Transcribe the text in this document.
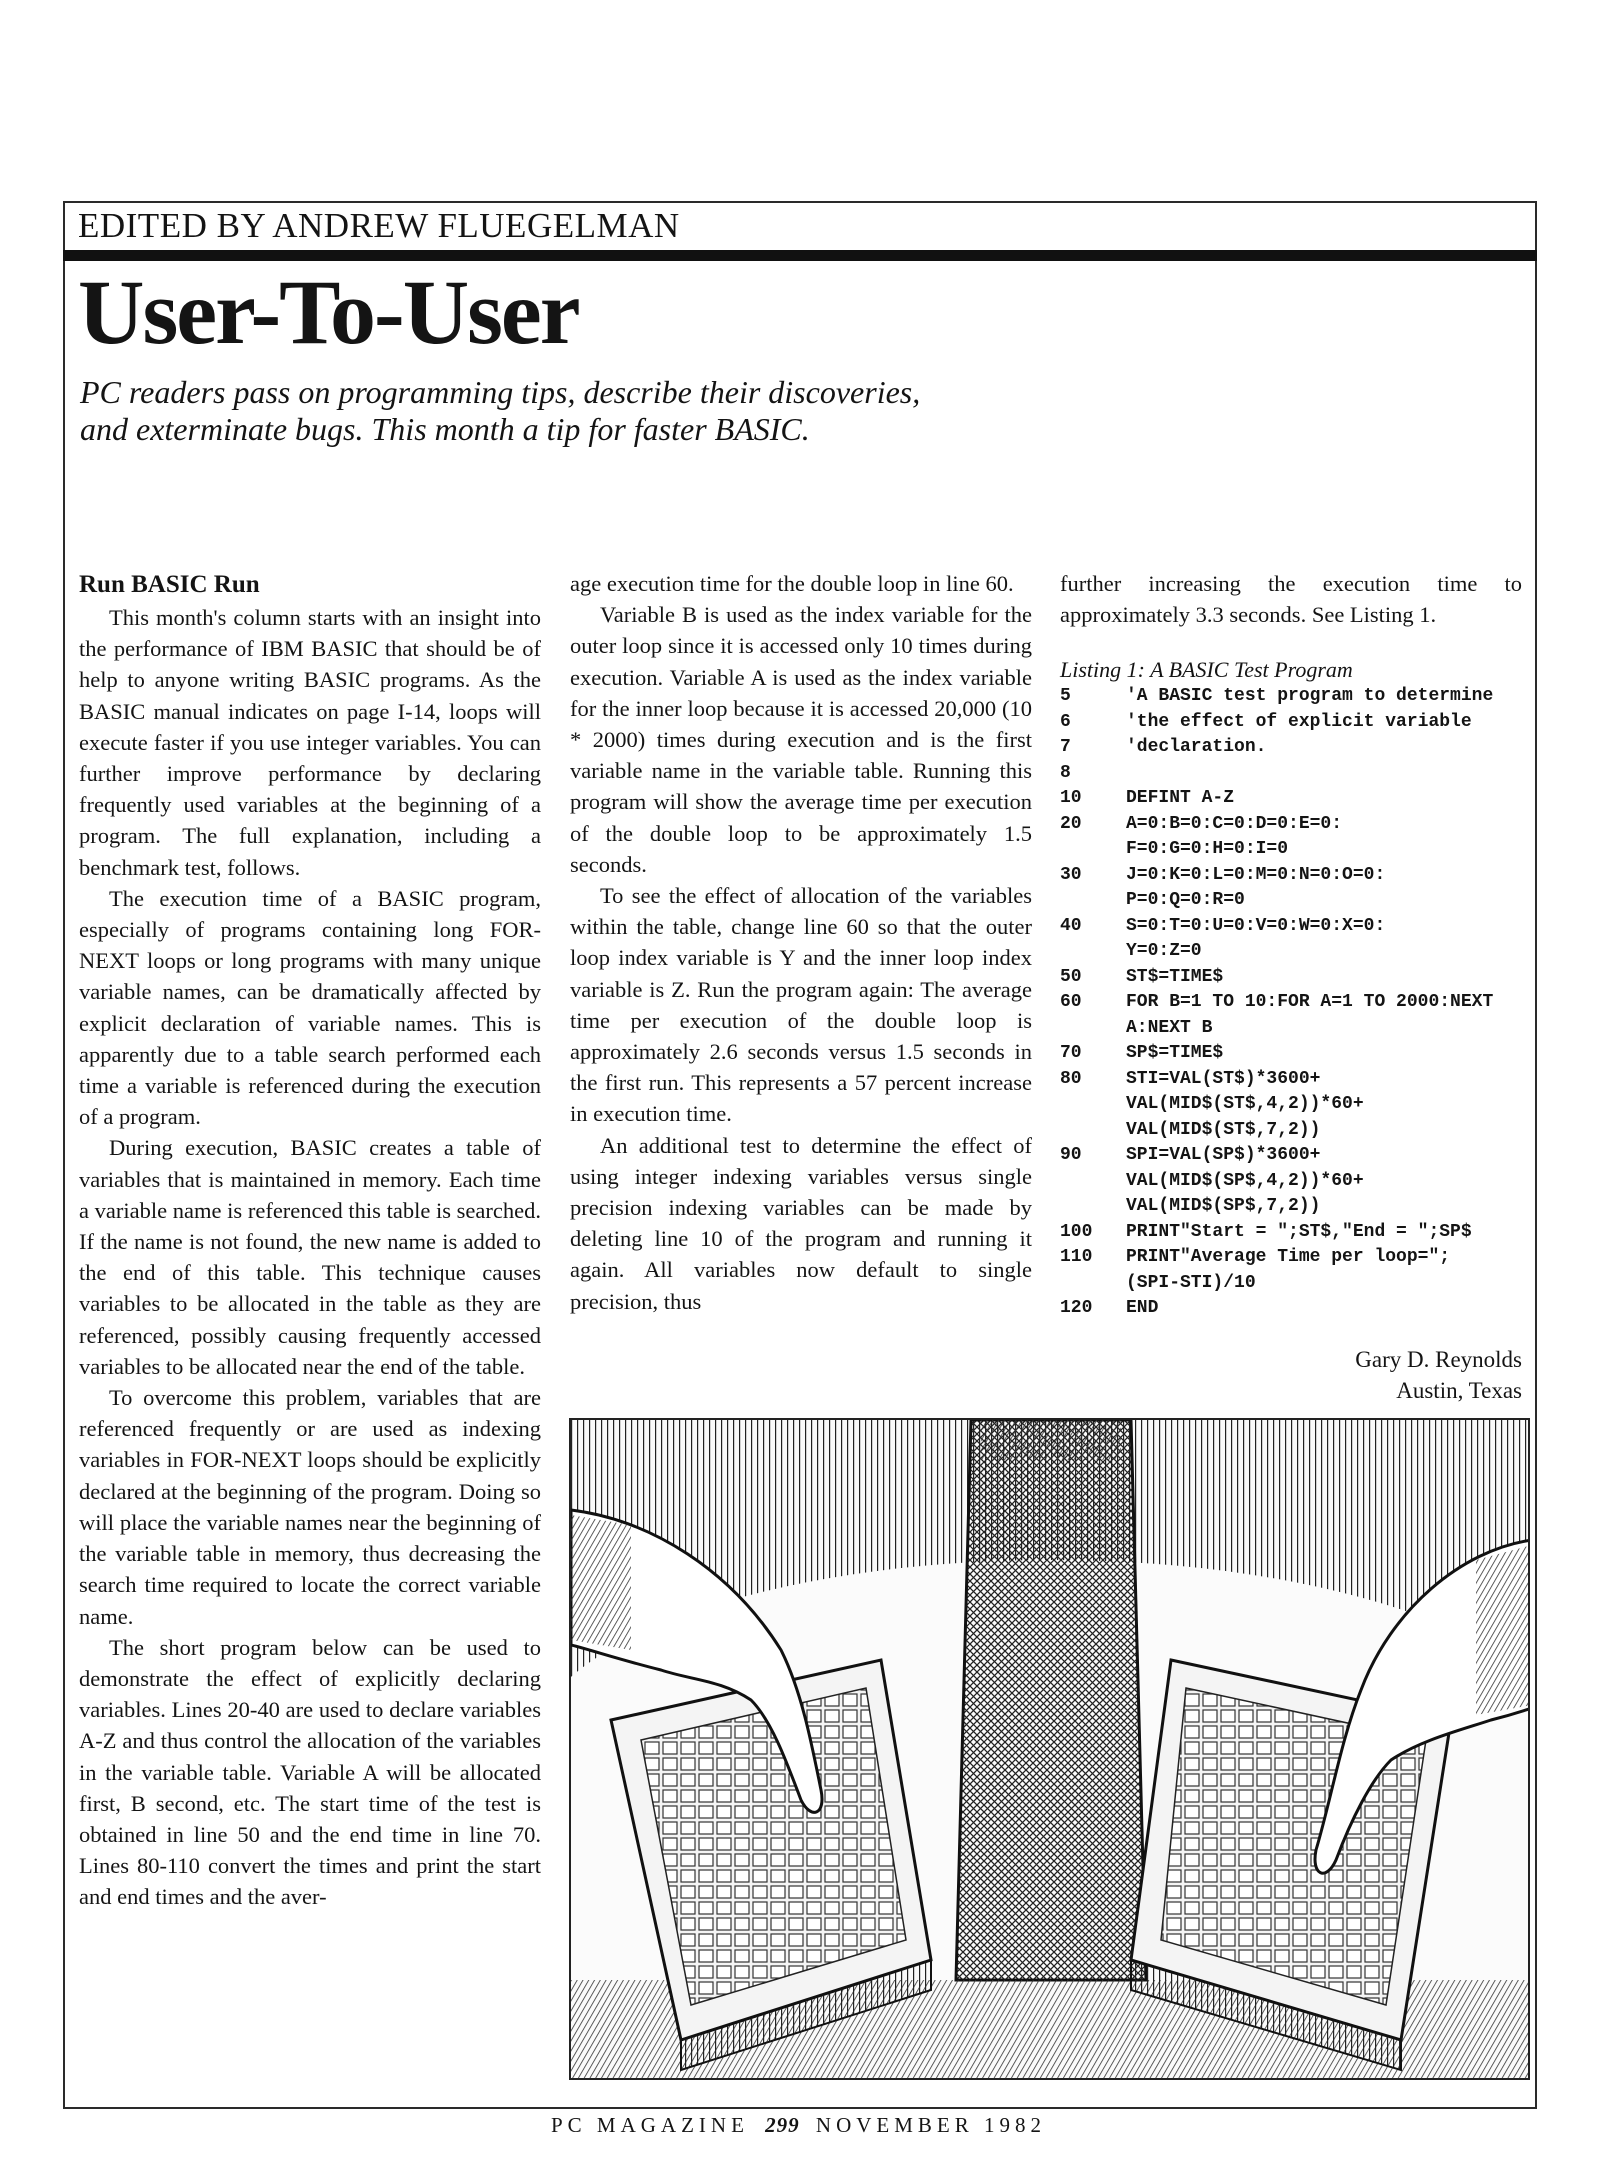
EDITED BY ANDREW FLUEGELMAN
User-To-User
PC readers pass on programming tips, describe their discoveries, and exterminate bugs. This month a tip for faster BASIC.
Run BASIC Run

This month's column starts with an insight into the performance of IBM BASIC that should be of help to anyone writing BASIC programs. As the BASIC manual indicates on page I-14, loops will execute faster if you use integer variables. You can further improve performance by declaring frequently used variables at the beginning of a program. The full explanation, including a benchmark test, follows.

The execution time of a BASIC program, especially of programs containing long FOR-NEXT loops or long programs with many unique variable names, can be dramatically affected by explicit declaration of variable names. This is apparently due to a table search performed each time a variable is referenced during the execution of a program.

During execution, BASIC creates a table of variables that is maintained in memory. Each time a variable name is referenced this table is searched. If the name is not found, the new name is added to the end of this table. This technique causes variables to be allocated in the table as they are referenced, possibly causing frequently accessed variables to be allocated near the end of the table.

To overcome this problem, variables that are referenced frequently or are used as indexing variables in FOR-NEXT loops should be explicitly declared at the beginning of the program. Doing so will place the variable names near the beginning of the variable table in memory, thus decreasing the search time required to locate the correct variable name.

The short program below can be used to demonstrate the effect of explicitly declaring variables. Lines 20-40 are used to declare variables A-Z and thus control the allocation of the variables in the variable table. Variable A will be allocated first, B second, etc. The start time of the test is obtained in line 50 and the end time in line 70. Lines 80-110 convert the times and print the start and end times and the aver-

age execution time for the double loop in line 60.

Variable B is used as the index variable for the outer loop since it is accessed only 10 times during execution. Variable A is used as the index variable for the inner loop because it is accessed 20,000 (10 * 2000) times during execution and is the first variable name in the variable table. Running this program will show the average time per execution of the double loop to be approximately 1.5 seconds.

To see the effect of allocation of the variables within the table, change line 60 so that the outer loop index variable is Y and the inner loop index variable is Z. Run the program again: The average time per execution of the double loop is approximately 2.6 seconds versus 1.5 seconds in the first run. This represents a 57 percent increase in execution time.

An additional test to determine the effect of using integer indexing variables versus single precision indexing variables can be made by deleting line 10 of the program and running it again. All variables now default to single precision, thus

further increasing the execution time to approximately 3.3 seconds. See Listing 1.

Listing 1: A BASIC Test Program
5	'A BASIC test program to determine
6	'the effect of explicit variable
7	'declaration.
8
10	DEFINT A-Z
20	A=0:B=0:C=0:D=0:E=0:
F=0:G=0:H=0:I=0
30	J=0:K=0:L=0:M=0:N=0:O=0:
P=0:Q=0:R=0
40	S=0:T=0:U=0:V=0:W=0:X=0:
Y=0:Z=0
50	ST$=TIME$
60	FOR B=1 TO 10:FOR A=1 TO 2000:NEXT
A:NEXT B
70	SP$=TIME$
80	STI=VAL(ST$)*3600+
VAL(MID$(ST$,4,2))*60+
VAL(MID$(ST$,7,2))
90	SPI=VAL(SP$)*3600+
VAL(MID$(SP$,4,2))*60+
VAL(MID$(SP$,7,2))
100	PRINT"Start = ";ST$,"End = ";SP$
110	PRINT"Average Time per loop=";
(SPI-STI)/10
120	END
Gary D. Reynolds
Austin, Texas
PC MAGAZINE 299 NOVEMBER 1982
